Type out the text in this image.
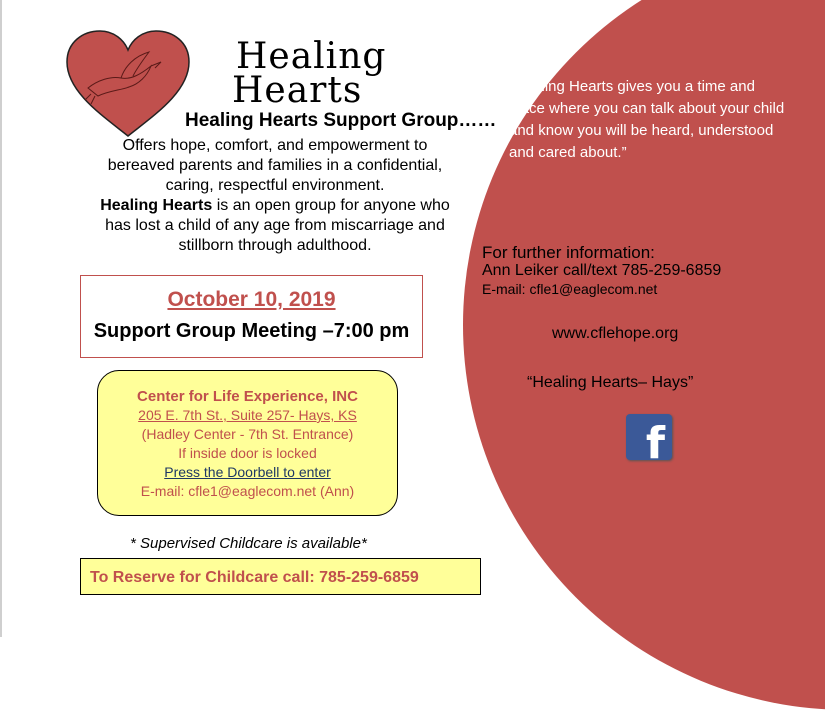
Healing
Hearts
Healing Hearts Support Group……
Offers hope, comfort, and empowerment to
bereaved parents and families in a confidential,
caring, respectful environment.
Healing Hearts is an open group for anyone who
has lost a child of any age from miscarriage and
stillborn through adulthood.
October 10, 2019
Support Group Meeting –7:00 pm
Center for Life Experience, INC
205 E. 7th St., Suite 257- Hays, KS
(Hadley Center - 7th St. Entrance)
If inside door is locked
Press the Doorbell to enter
E-mail: cfle1@eaglecom.net (Ann)
* Supervised Childcare is available*
To Reserve for Childcare call: 785-259-6859
“Healing Hearts gives you a time and place where you can talk about your child and know you will be heard, understood and cared about.”
For further information:
Ann Leiker call/text 785-259-6859
E-mail: cfle1@eaglecom.net
www.cflehope.org
“Healing Hearts– Hays”
f
